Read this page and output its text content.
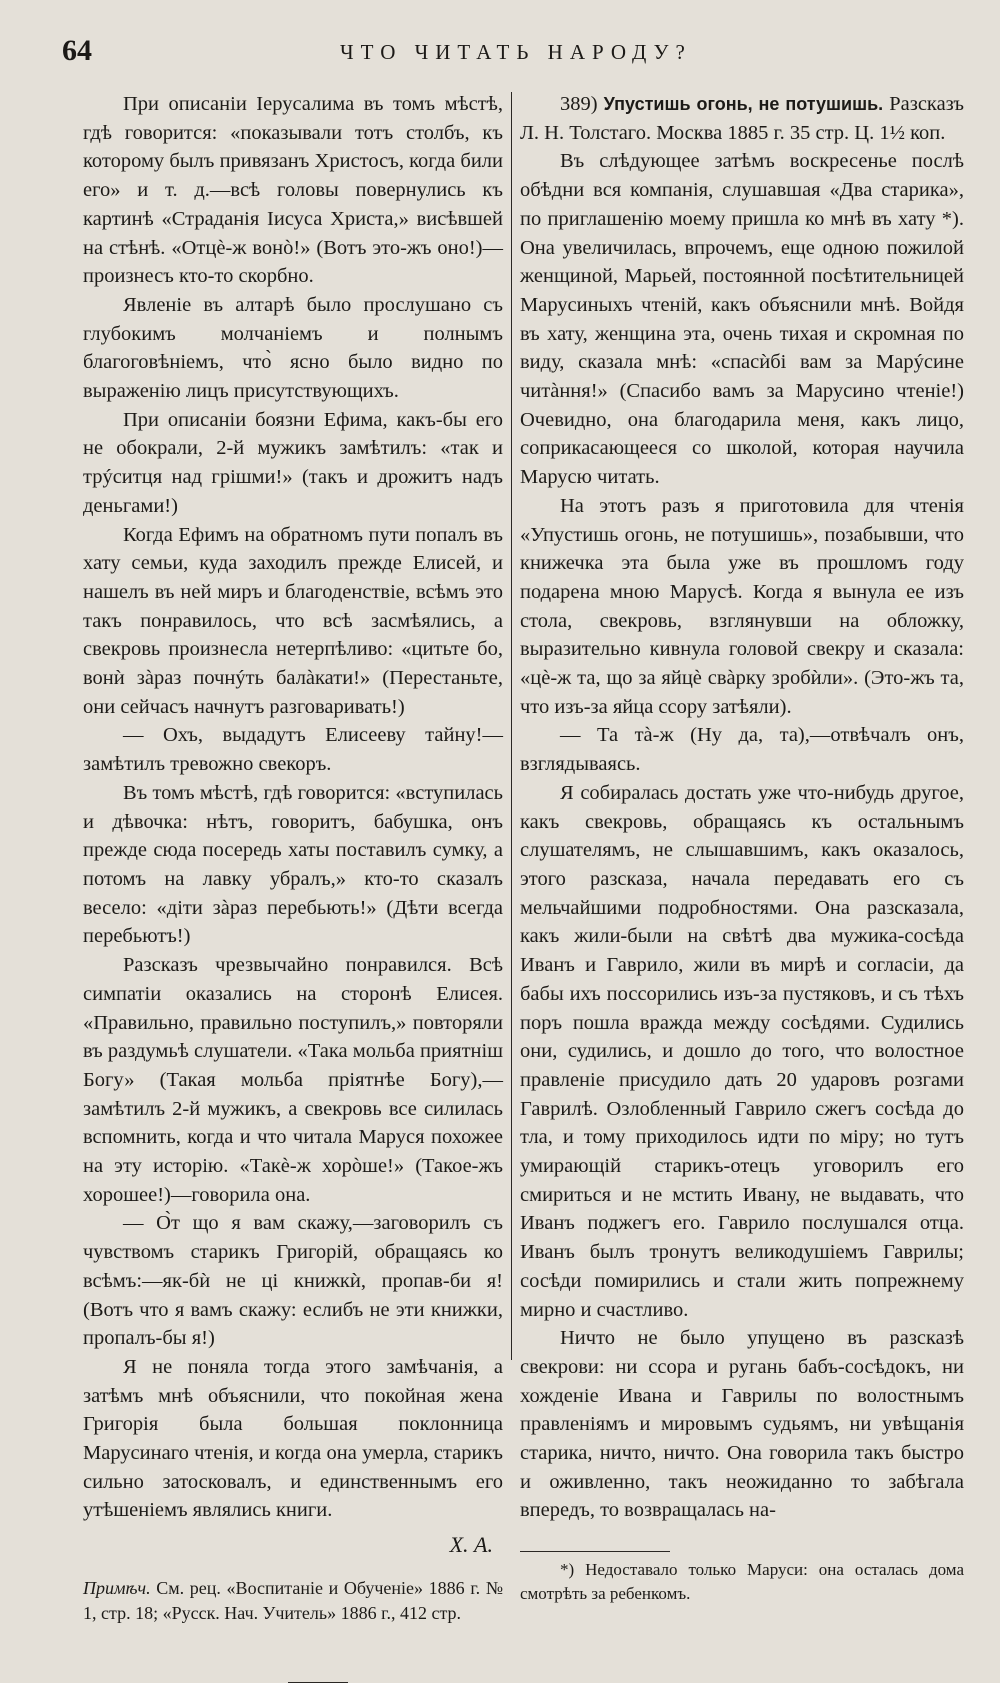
64	ЧТО ЧИТАТЬ НАРОДУ?

При описаніи Іерусалима въ томъ мѣстѣ, гдѣ говорится: «показывали тотъ столбъ, къ которому былъ привязанъ Христосъ, когда били его» и т. д.—всѣ головы повернулись къ картинѣ «Страданія Іисуса Христа,» висѣвшей на стѣнѣ. «Отцѐ-ж вонò!» (Вотъ это-жъ оно!)—произнесъ кто-то скорбно.

Явленіе въ алтарѣ было прослушано съ глубокимъ молчаніемъ и полнымъ благоговѣніемъ, что̀ ясно было видно по выраженію лицъ присутствующихъ.

При описаніи боязни Ефима, какъ-бы его не обокрали, 2-й мужикъ замѣтилъ: «так и трýситця над грішми!» (такъ и дрожитъ надъ деньгами!)

Когда Ефимъ на обратномъ пути попалъ въ хату семьи, куда заходилъ прежде Елисей, и нашелъ въ ней миръ и благоденствіе, всѣмъ это такъ понравилось, что всѣ засмѣялись, а свекровь произнесла нетерпѣливо: «цитьте бо, вонѝ зàраз почнýть балàкати!» (Перестаньте, они сейчасъ начнутъ разговаривать!)

— Охъ, выдадутъ Елисееву тайну!—замѣтилъ тревожно свекоръ.

Въ томъ мѣстѣ, гдѣ говорится: «вступилась и дѣвочка: нѣтъ, говоритъ, бабушка, онъ прежде сюда посередь хаты поставилъ сумку, а потомъ на лавку убралъ,» кто-то сказалъ весело: «діти зàраз перебьють!» (Дѣти всегда перебьютъ!)

Разсказъ чрезвычайно понравился. Всѣ симпатіи оказались на сторонѣ Елисея. «Правильно, правильно поступилъ,» повторяли въ раздумьѣ слушатели. «Така мольба приятніш Богу» (Такая мольба пріятнѣе Богу),—замѣтилъ 2-й мужикъ, а свекровь все силилась вспомнить, когда и что читала Маруся похожее на эту исторію. «Такè-ж хорòше!» (Такое-жъ хорошее!)—говорила она.

— О̀т що я вам скажу,—заговорилъ съ чувствомъ старикъ Григорій, обращаясь ко всѣмъ:—як-бѝ не ці книжкѝ, пропав-би я! (Вотъ что я вамъ скажу: еслибъ не эти книжки, пропалъ-бы я!)

Я не поняла тогда этого замѣчанія, а затѣмъ мнѣ объяснили, что покойная жена Григорія была большая поклонница Марусинаго чтенія, и когда она умерла, старикъ сильно затосковалъ, и единственнымъ его утѣшеніемъ являлись книги.

Х. А.
Примѣч. См. рец. «Воспитаніе и Обученіе» 1886 г. № 1, стр. 18; «Русск. Нач. Учитель» 1886 г., 412 стр.

389) Упустишь огонь, не потушишь. Разсказъ Л. Н. Толстаго. Москва 1885 г. 35 стр. Ц. 1½ коп.

Въ слѣдующее затѣмъ воскресенье послѣ обѣдни вся компанія, слушавшая «Два старика», по приглашенію моему пришла ко мнѣ въ хату *). Она увеличилась, впрочемъ, еще одною пожилой женщиной, Марьей, постоянной посѣтительницей Марусиныхъ чтеній, какъ объяснили мнѣ. Войдя въ хату, женщина эта, очень тихая и скромная по виду, сказала мнѣ: «спасѝбі вам за Марýсине читàння!» (Спасибо вамъ за Марусино чтеніе!) Очевидно, она благодарила меня, какъ лицо, соприкасающееся со школой, которая научила Марусю читать.

На этотъ разъ я приготовила для чтенія «Упустишь огонь, не потушишь», позабывши, что книжечка эта была уже въ прошломъ году подарена мною Марусѣ. Когда я вынула ее изъ стола, свекровь, взглянувши на обложку, выразительно кивнула головой свекру и сказала: «цѐ-ж та, що за яйцѐ свàрку зробѝли». (Это-жъ та, что изъ-за яйца ссору затѣяли).

— Та тà-ж (Ну да, та),—отвѣчалъ онъ, взглядываясь.

Я собиралась достать уже что-нибудь другое, какъ свекровь, обращаясь къ остальнымъ слушателямъ, не слышавшимъ, какъ оказалось, этого разсказа, начала передавать его съ мельчайшими подробностями. Она разсказала, какъ жили-были на свѣтѣ два мужика-сосѣда Иванъ и Гаврило, жили въ мирѣ и согласіи, да бабы ихъ поссорились изъ-за пустяковъ, и съ тѣхъ поръ пошла вражда между сосѣдями. Судились они, судились, и дошло до того, что волостное правленіе присудило дать 20 ударовъ розгами Гаврилѣ. Озлобленный Гаврило сжегъ сосѣда до тла, и тому приходилось идти по міру; но тутъ умирающій старикъ-отецъ уговорилъ его смириться и не мстить Ивану, не выдавать, что Иванъ поджегъ его. Гаврило послушался отца. Иванъ былъ тронутъ великодушіемъ Гаврилы; сосѣди помирились и стали жить попрежнему мирно и счастливо.

Ничто не было упущено въ разсказѣ свекрови: ни ссора и ругань бабъ-сосѣдокъ, ни хожденіе Ивана и Гаврилы по волостнымъ правленіямъ и мировымъ судьямъ, ни увѣщанія старика, ничто, ничто. Она говорила такъ быстро и оживленно, такъ неожиданно то забѣгала впередъ, то возвращалась на-

*) Недоставало только Маруси: она осталась дома смотрѣть за ребенкомъ.
